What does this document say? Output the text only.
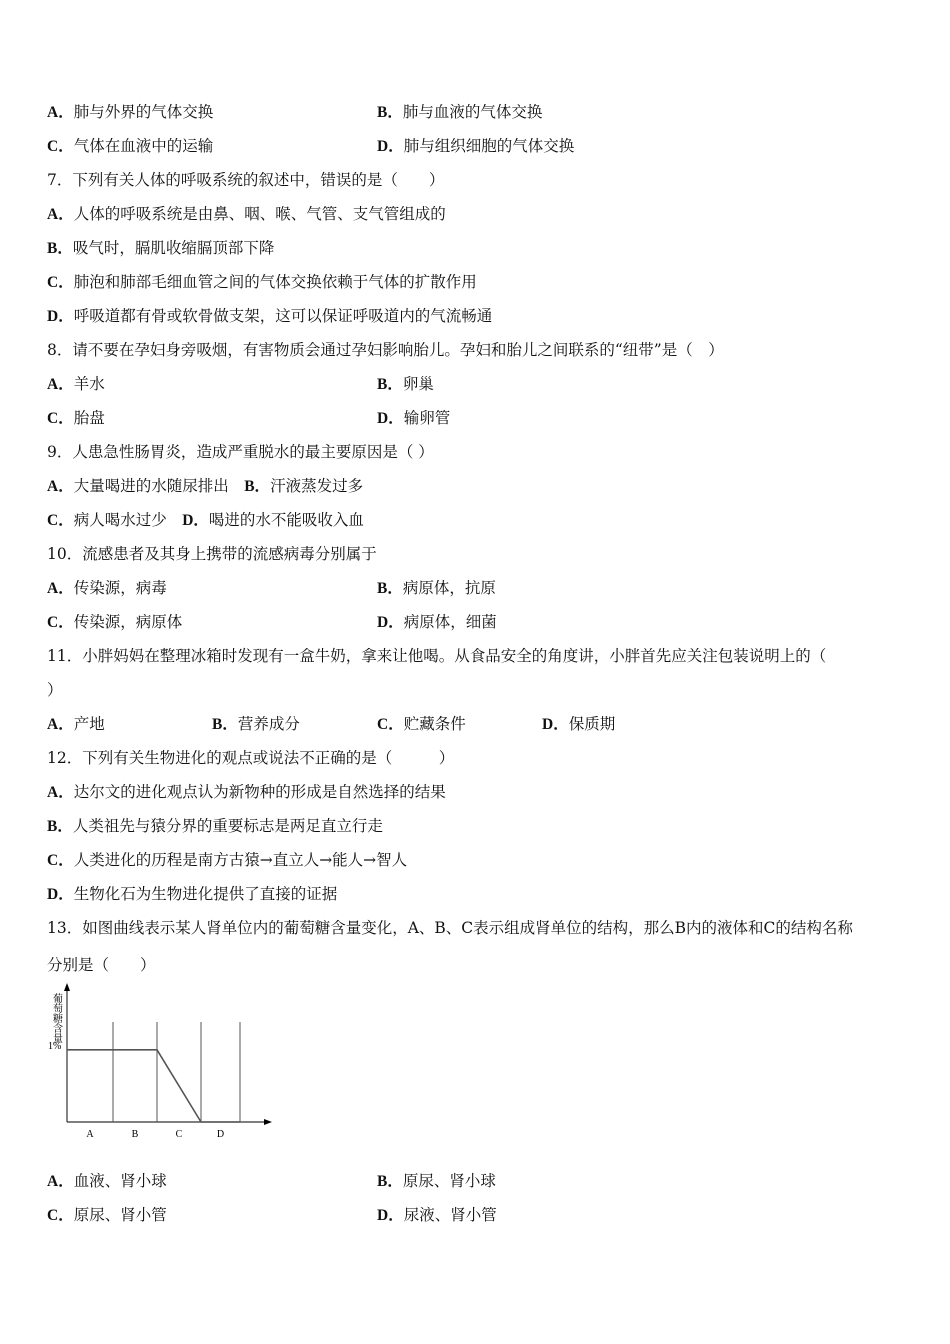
A．肺与外界的气体交换	B．肺与血液的气体交换
C．气体在血液中的运输	D．肺与组织细胞的气体交换
7．下列有关人体的呼吸系统的叙述中，错误的是（　　）
A．人体的呼吸系统是由鼻、咽、喉、气管、支气管组成的
B．吸气时，膈肌收缩膈顶部下降
C．肺泡和肺部毛细血管之间的气体交换依赖于气体的扩散作用
D．呼吸道都有骨或软骨做支架，这可以保证呼吸道内的气流畅通
8．请不要在孕妇身旁吸烟，有害物质会通过孕妇影响胎儿。孕妇和胎儿之间联系的“纽带”是（　）
A．羊水	B．卵巢
C．胎盘	D．输卵管
9．人患急性肠胃炎，造成严重脱水的最主要原因是（ ）
A．大量喝进的水随尿排出　B．汗液蒸发过多
C．病人喝水过少　D．喝进的水不能吸收入血
10．流感患者及其身上携带的流感病毒分别属于
A．传染源，病毒	B．病原体，抗原
C．传染源，病原体	D．病原体，细菌
11．小胖妈妈在整理冰箱时发现有一盒牛奶，拿来让他喝。从食品安全的角度讲，小胖首先应关注包装说明上的（
）
A．产地	B．营养成分	C．贮藏条件	D．保质期
12．下列有关生物进化的观点或说法不正确的是（　　　）
A．达尔文的进化观点认为新物种的形成是自然选择的结果
B．人类祖先与猿分界的重要标志是两足直立行走
C．人类进化的历程是南方古猿→直立人→能人→智人
D．生物化石为生物进化提供了直接的证据
13．如图曲线表示某人肾单位内的葡萄糖含量变化，A、B、C表示组成肾单位的结构，那么B内的液体和C的结构名称
分别是（　　）
A	B	C	D
1%
葡萄糖含量
A．血液、肾小球	B．原尿、肾小球
C．原尿、肾小管	D．尿液、肾小管
